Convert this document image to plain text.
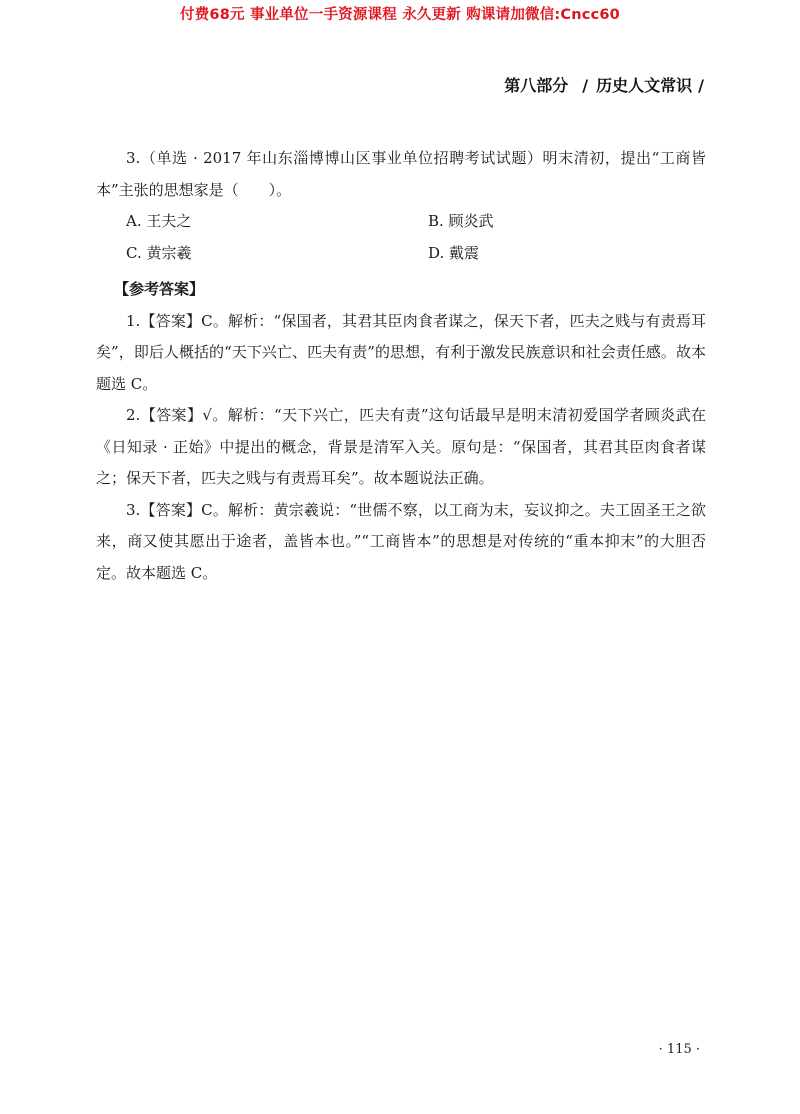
付费68元 事业单位一手资源课程 永久更新 购课请加微信:Cncc60
第八部分 / 历史人文常识 /

3.（单选 · 2017 年山东淄博博山区事业单位招聘考试试题）明末清初，提出“工商皆本”主张的思想家是（　　）。

A. 王夫之	B. 顾炎武
C. 黄宗羲	D. 戴震

【参考答案】

1.【答案】C。解析：“保国者，其君其臣肉食者谋之，保天下者，匹夫之贱与有责焉耳矣”，即后人概括的“天下兴亡、匹夫有责”的思想，有利于激发民族意识和社会责任感。故本题选 C。

2.【答案】√。解析：“天下兴亡，匹夫有责”这句话最早是明末清初爱国学者顾炎武在《日知录 · 正始》中提出的概念，背景是清军入关。原句是：“保国者，其君其臣肉食者谋之；保天下者，匹夫之贱与有责焉耳矣”。故本题说法正确。

3.【答案】C。解析：黄宗羲说：“世儒不察，以工商为末，妄议抑之。夫工固圣王之欲来，商又使其愿出于途者，盖皆本也。”“工商皆本”的思想是对传统的“重本抑末”的大胆否定。故本题选 C。

· 115 ·
